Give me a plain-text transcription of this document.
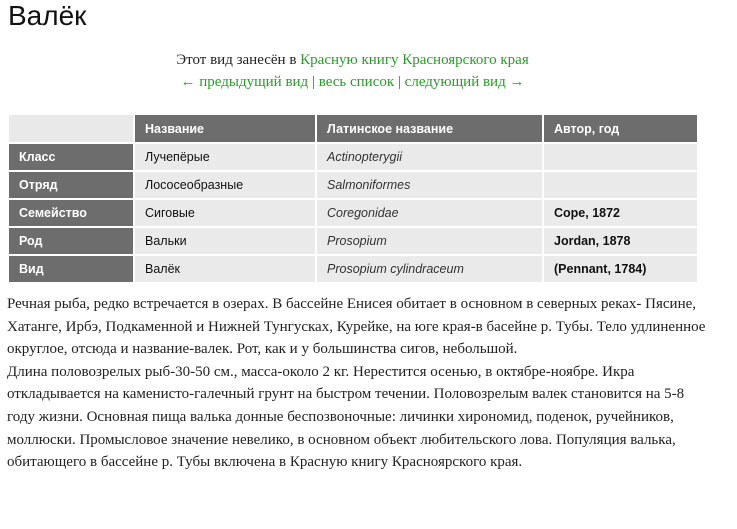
Валёк
Этот вид занесён в Красную книгу Красноярского края
← предыдущий вид | весь список | следующий вид →
	Название	Латинское название	Автор, год
Класс	Лучепёрые	Actinopterygii	
Отряд	Лососеобразные	Salmoniformes	
Семейство	Сиговые	Coregonidae	Cope, 1872
Род	Вальки	Prosopium	Jordan, 1878
Вид	Валёк	Prosopium cylindraceum	(Pennant, 1784)

Речная рыба, редко встречается в озерах. В бассейне Енисея обитает в основном в северных реках- Пясине, Хатанге, Ирбэ, Подкаменной и Нижней Тунгусках, Курейке, на юге края-в басейне р. Тубы. Тело удлиненное округлое, отсюда и название-валек. Рот, как и у большинства сигов, небольшой.

Длина половозрелых рыб-30-50 см., масса-около 2 кг. Нерестится осенью, в октябре-ноябре. Икра откладывается на каменисто-галечный грунт на быстром течении. Половозрелым валек становится на 5-8 году жизни. Основная пища валька донные беспозвоночные: личинки хирономид, поденок, ручейников, моллюски. Промысловое значение невелико, в основном объект любительского лова. Популяция валька, обитающего в бассейне р. Тубы включена в Красную книгу Красноярского края.
